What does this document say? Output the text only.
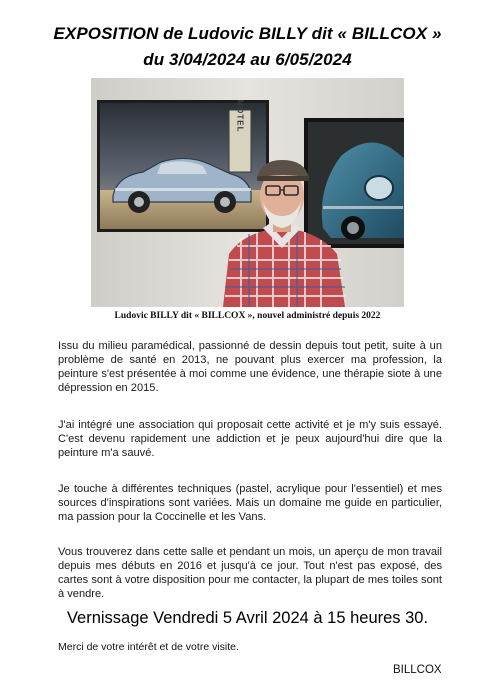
EXPOSITION de Ludovic BILLY dit « BILLCOX »
du 3/04/2024 au 6/05/2024
MOTEL
Ludovic BILLY dit « BILLCOX », nouvel administré depuis 2022

Issu du milieu paramédical, passionné de dessin depuis tout petit, suite à un problème de santé en 2013, ne pouvant plus exercer ma profession, la peinture s'est présentée à moi comme une évidence, une thérapie siote à une dépression en 2015.

J'ai intégré une association qui proposait cette activité et je m'y suis essayé. C'est devenu rapidement une addiction et je peux aujourd'hui dire que la peinture m'a sauvé.

Je touche à différentes techniques (pastel, acrylique pour l'essentiel) et mes sources d'inspirations sont variées. Mais un domaine me guide en particulier, ma passion pour la Coccinelle et les Vans.

Vous trouverez dans cette salle et pendant un mois, un aperçu de mon travail depuis mes débuts en 2016 et jusqu'à ce jour. Tout n'est pas exposé, des cartes sont à votre disposition pour me contacter, la plupart de mes toiles sont à vendre.

Vernissage Vendredi 5 Avril 2024 à 15 heures 30.
Merci de votre intérêt et de votre visite.
BILLCOX
